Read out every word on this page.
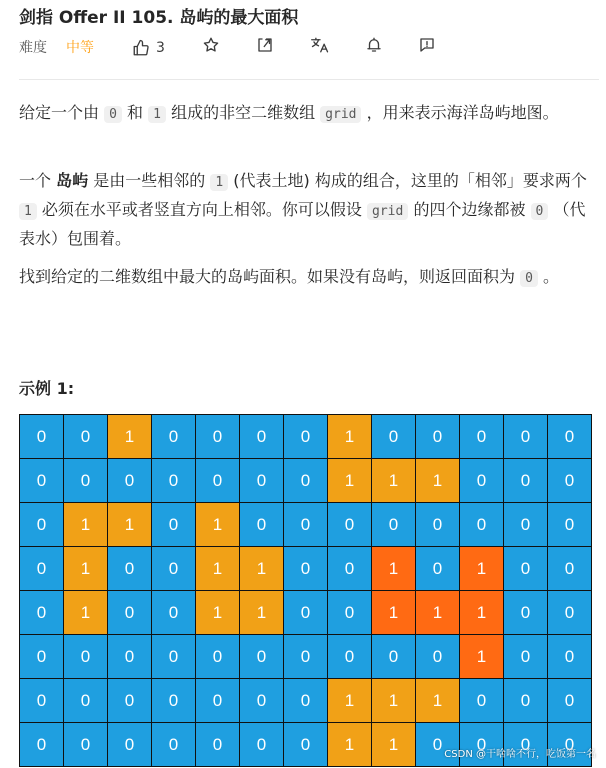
剑指 Offer II 105. 岛屿的最大面积
难度 中等	3

给定一个由 0 和 1 组成的非空二维数组 grid ，用来表示海洋岛屿地图。

一个 岛屿 是由一些相邻的 1 (代表土地) 构成的组合，这里的「相邻」要求两个 1 必须在水平或者竖直方向上相邻。你可以假设 grid 的四个边缘都被 0 （代表水）包围着。

找到给定的二维数组中最大的岛屿面积。如果没有岛屿，则返回面积为 0 。

示例 1:
0	0	1	0	0	0	0	1	0	0	0	0	0
0	0	0	0	0	0	0	1	1	1	0	0	0
0	1	1	0	1	0	0	0	0	0	0	0	0
0	1	0	0	1	1	0	0	1	0	1	0	0
0	1	0	0	1	1	0	0	1	1	1	0	0
0	0	0	0	0	0	0	0	0	0	1	0	0
0	0	0	0	0	0	0	1	1	1	0	0	0
0	0	0	0	0	0	0	1	1	0	0	0	0
CSDN @干啥啥不行，吃饭第一名
